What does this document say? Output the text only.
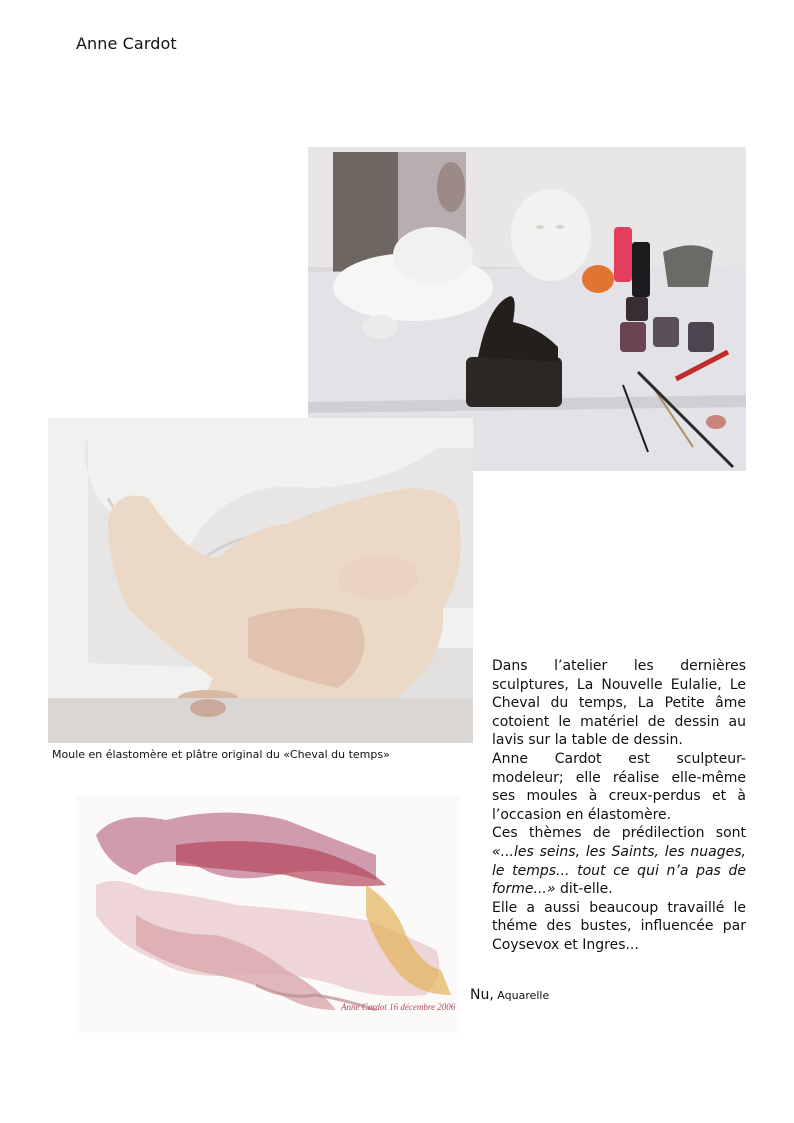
Anne Cardot
Moule en élastomère et plâtre original du «Cheval du temps»
Anne Cardot 16 décembre 2006
Nu, Aquarelle

Dans l’atelier les dernières sculptures, La Nouvelle Eulalie, Le Cheval du temps, La Petite âme cotoient le matériel de dessin au lavis sur la table de dessin.

Anne Cardot est sculpteur-modeleur; elle réalise elle-même ses moules à creux-perdus et à l’occasion en élastomère.

Ces thèmes de prédilection sont «...les seins, les Saints, les nuages, le temps... tout ce qui n’a pas de forme...» dit-elle.

Elle a aussi beaucoup travaillé le théme des bustes, influencée par Coysevox et Ingres...
